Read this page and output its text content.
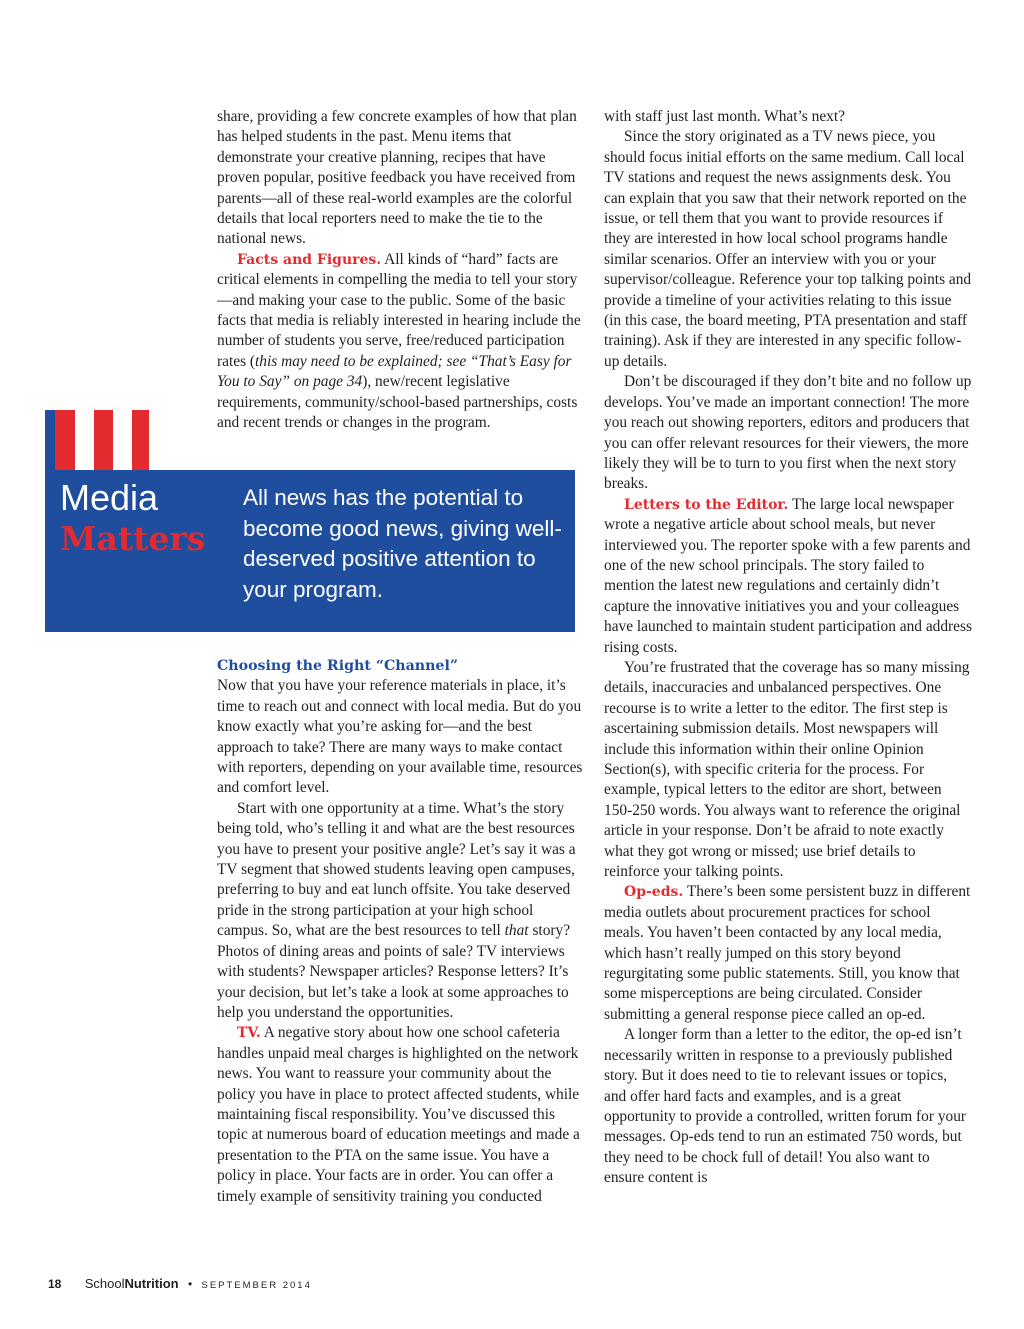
Media
Matters
All news has the potential to become good news, giving well-deserved positive attention to your program.

share, providing a few concrete examples of how that plan has helped students in the past. Menu items that demonstrate your creative planning, recipes that have proven popular, positive feedback you have received from parents—all of these real-world examples are the colorful details that local reporters need to make the tie to the national news.

Facts and Figures. All kinds of “hard” facts are critical elements in compelling the media to tell your story—and making your case to the public. Some of the basic facts that media is reliably interested in hearing include the number of students you serve, free/reduced participation rates (this may need to be explained; see “That’s Easy for You to Say” on page 34), new/recent legislative requirements, community/school-based partnerships, costs and recent trends or changes in the program.

Choosing the Right “Channel”

Now that you have your reference materials in place, it’s time to reach out and connect with local media. But do you know exactly what you’re asking for—and the best approach to take? There are many ways to make contact with reporters, depending on your available time, resources and comfort level.

Start with one opportunity at a time. What’s the story being told, who’s telling it and what are the best resources you have to present your positive angle? Let’s say it was a TV segment that showed students leaving open campuses, preferring to buy and eat lunch offsite. You take deserved pride in the strong participation at your high school campus. So, what are the best resources to tell that story? Photos of dining areas and points of sale? TV interviews with students? Newspaper articles? Response letters? It’s your decision, but let’s take a look at some approaches to help you understand the opportunities.

TV. A negative story about how one school cafeteria handles unpaid meal charges is highlighted on the network news. You want to reassure your community about the policy you have in place to protect affected students, while maintaining fiscal responsibility. You’ve discussed this topic at numerous board of education meetings and made a presentation to the PTA on the same issue. You have a policy in place. Your facts are in order. You can offer a timely example of sensitivity training you conducted

with staff just last month. What’s next?

Since the story originated as a TV news piece, you should focus initial efforts on the same medium. Call local TV stations and request the news assignments desk. You can explain that you saw that their network reported on the issue, or tell them that you want to provide resources if they are interested in how local school programs handle similar scenarios. Offer an interview with you or your supervisor/colleague. Reference your top talking points and provide a timeline of your activities relating to this issue (in this case, the board meeting, PTA presentation and staff training). Ask if they are interested in any specific follow-up details.

Don’t be discouraged if they don’t bite and no follow up develops. You’ve made an important connection! The more you reach out showing reporters, editors and producers that you can offer relevant resources for their viewers, the more likely they will be to turn to you first when the next story breaks.

Letters to the Editor. The large local newspaper wrote a negative article about school meals, but never interviewed you. The reporter spoke with a few parents and one of the new school principals. The story failed to mention the latest new regulations and certainly didn’t capture the innovative initiatives you and your colleagues have launched to maintain student participation and address rising costs.

You’re frustrated that the coverage has so many missing details, inaccuracies and unbalanced perspectives. One recourse is to write a letter to the editor. The first step is ascertaining submission details. Most newspapers will include this information within their online Opinion Section(s), with specific criteria for the process. For example, typical letters to the editor are short, between 150-250 words. You always want to reference the original article in your response. Don’t be afraid to note exactly what they got wrong or missed; use brief details to reinforce your talking points.

Op-eds. There’s been some persistent buzz in different media outlets about procurement practices for school meals. You haven’t been contacted by any local media, which hasn’t really jumped on this story beyond regurgitating some public statements. Still, you know that some misperceptions are being circulated. Consider submitting a general response piece called an op-ed.

A longer form than a letter to the editor, the op-ed isn’t necessarily written in response to a previously published story. But it does need to tie to relevant issues or topics, and offer hard facts and examples, and is a great opportunity to provide a controlled, written forum for your messages. Op-eds tend to run an estimated 750 words, but they need to be chock full of detail! You also want to ensure content is

18 SchoolNutrition • SEPTEMBER 2014
